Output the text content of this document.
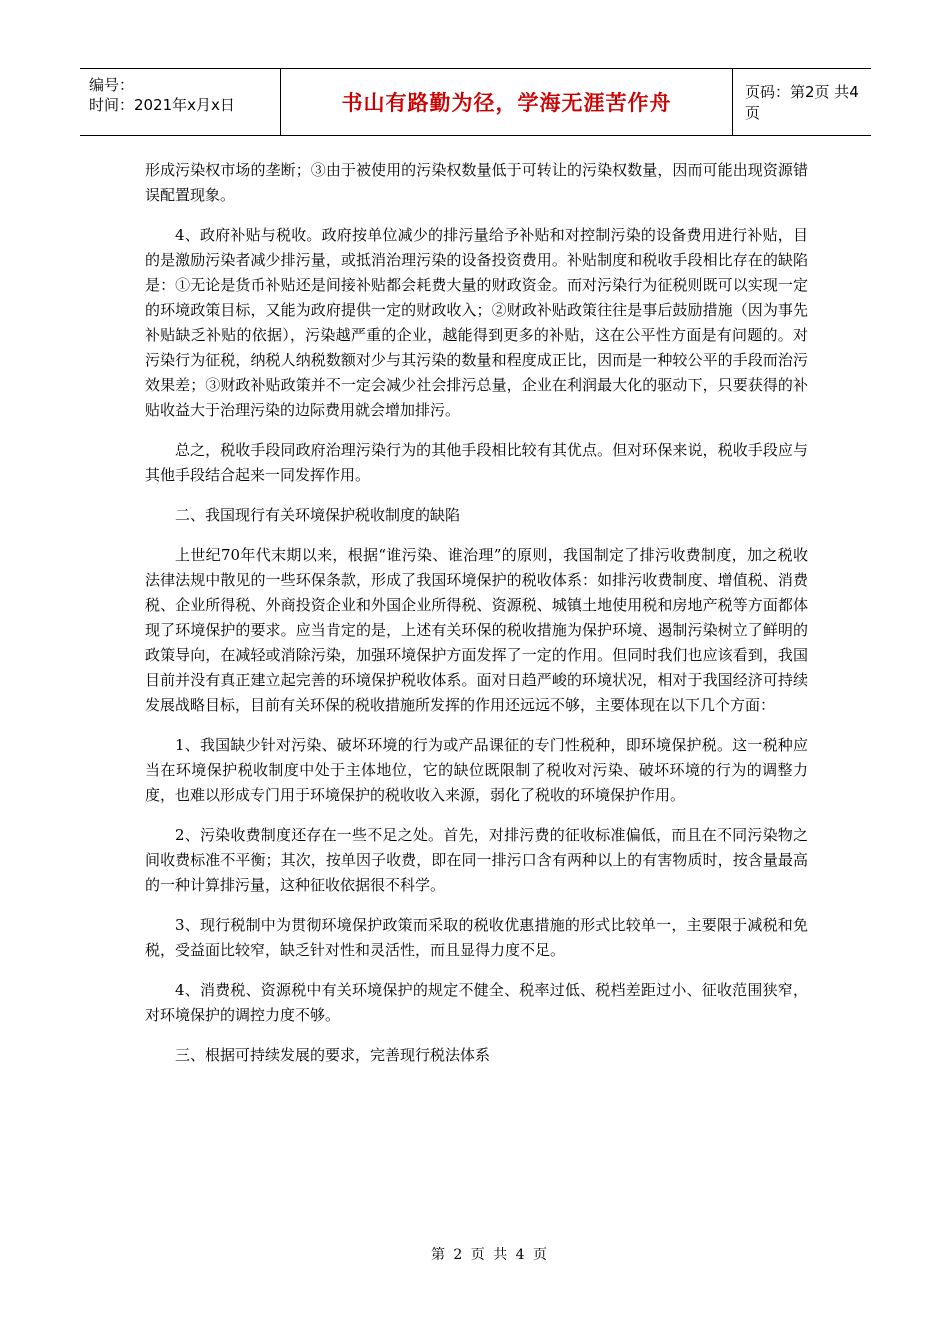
编号：
时间：2021年x月x日	书山有路勤为径，学海无涯苦作舟	页码：第2页 共4页

形成污染权市场的垄断；③由于被使用的污染权数量低于可转让的污染权数量，因而可能出现资源错误配置现象。

4、政府补贴与税收。政府按单位减少的排污量给予补贴和对控制污染的设备费用进行补贴，目的是激励污染者减少排污量，或抵消治理污染的设备投资费用。补贴制度和税收手段相比存在的缺陷是：①无论是货币补贴还是间接补贴都会耗费大量的财政资金。而对污染行为征税则既可以实现一定的环境政策目标，又能为政府提供一定的财政收入；②财政补贴政策往往是事后鼓励措施（因为事先补贴缺乏补贴的依据），污染越严重的企业，越能得到更多的补贴，这在公平性方面是有问题的。对污染行为征税，纳税人纳税数额对少与其污染的数量和程度成正比，因而是一种较公平的手段而治污效果差；③财政补贴政策并不一定会减少社会排污总量，企业在利润最大化的驱动下，只要获得的补贴收益大于治理污染的边际费用就会增加排污。

总之，税收手段同政府治理污染行为的其他手段相比较有其优点。但对环保来说，税收手段应与其他手段结合起来一同发挥作用。

二、我国现行有关环境保护税收制度的缺陷

上世纪70年代末期以来，根据“谁污染、谁治理”的原则，我国制定了排污收费制度，加之税收法律法规中散见的一些环保条款，形成了我国环境保护的税收体系：如排污收费制度、增值税、消费税、企业所得税、外商投资企业和外国企业所得税、资源税、城镇土地使用税和房地产税等方面都体现了环境保护的要求。应当肯定的是，上述有关环保的税收措施为保护环境、遏制污染树立了鲜明的政策导向，在减轻或消除污染，加强环境保护方面发挥了一定的作用。但同时我们也应该看到，我国目前并没有真正建立起完善的环境保护税收体系。面对日趋严峻的环境状况，相对于我国经济可持续发展战略目标，目前有关环保的税收措施所发挥的作用还远远不够，主要体现在以下几个方面：

1、我国缺少针对污染、破坏环境的行为或产品课征的专门性税种，即环境保护税。这一税种应当在环境保护税收制度中处于主体地位，它的缺位既限制了税收对污染、破坏环境的行为的调整力度，也难以形成专门用于环境保护的税收收入来源，弱化了税收的环境保护作用。

2、污染收费制度还存在一些不足之处。首先，对排污费的征收标准偏低，而且在不同污染物之间收费标准不平衡；其次，按单因子收费，即在同一排污口含有两种以上的有害物质时，按含量最高的一种计算排污量，这种征收依据很不科学。

3、现行税制中为贯彻环境保护政策而采取的税收优惠措施的形式比较单一，主要限于减税和免税，受益面比较窄，缺乏针对性和灵活性，而且显得力度不足。

4、消费税、资源税中有关环境保护的规定不健全、税率过低、税档差距过小、征收范围狭窄，对环境保护的调控力度不够。

三、根据可持续发展的要求，完善现行税法体系

第 2 页 共 4 页
